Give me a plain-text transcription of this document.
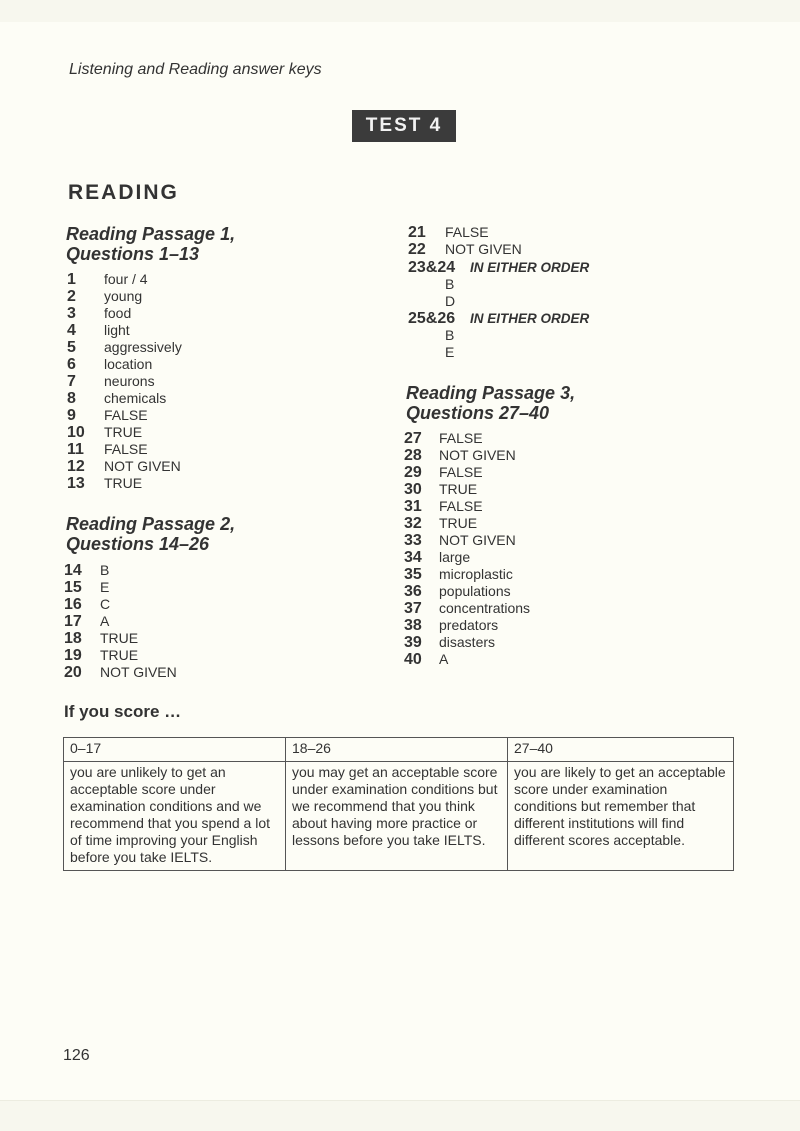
Listening and Reading answer keys
TEST 4
READING
Reading Passage 1,
Questions 1–13
1 four / 4
2 young
3 food
4 light
5 aggressively
6 location
7 neurons
8 chemicals
9 FALSE
10 TRUE
11 FALSE
12 NOT GIVEN
13 TRUE
Reading Passage 2,
Questions 14–26
14 B
15 E
16 C
17 A
18 TRUE
19 TRUE
20 NOT GIVEN
21 FALSE
22 NOT GIVEN
23&24 IN EITHER ORDER
B
D
25&26 IN EITHER ORDER
B
E
Reading Passage 3,
Questions 27–40
27 FALSE
28 NOT GIVEN
29 FALSE
30 TRUE
31 FALSE
32 TRUE
33 NOT GIVEN
34 large
35 microplastic
36 populations
37 concentrations
38 predators
39 disasters
40 A
If you score …
0–17	18–26	27–40
you are unlikely to get an acceptable score under examination conditions and we recommend that you spend a lot of time improving your English before you take IELTS.	you may get an acceptable score under examination conditions but we recommend that you think about having more practice or lessons before you take IELTS.	you are likely to get an acceptable score under examination conditions but remember that different institutions will find different scores acceptable.
126
